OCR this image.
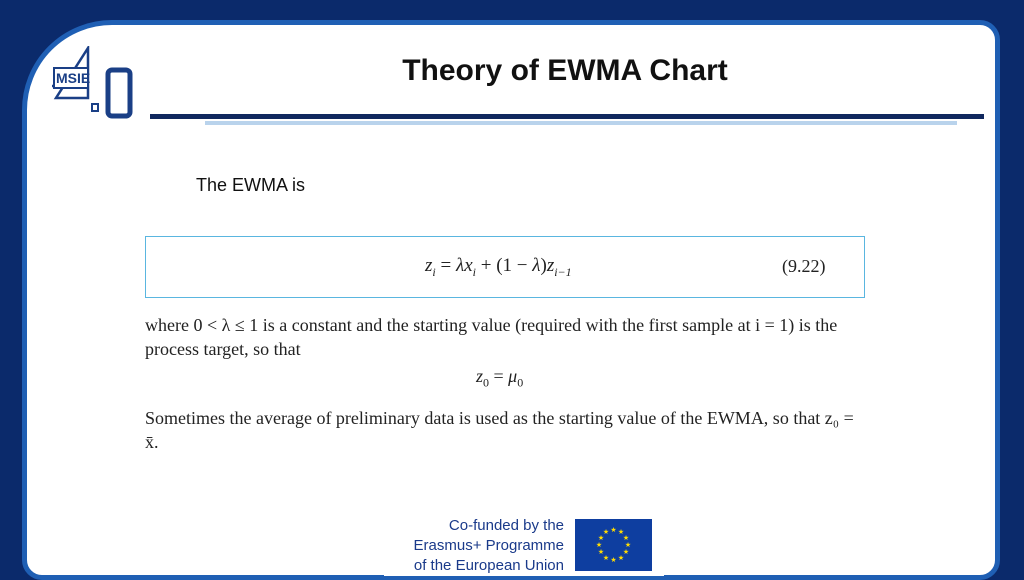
MSIE	Theory of EWMA Chart
The EWMA is
$z_i = \lambda x_i + (1 - \lambda)z_{i-1}$	(9.22)
where 0 < λ ≤ 1 is a constant and the starting value (required with the first sample at i = 1) is the process target, so that
$z_0 = \mu_0$
Sometimes the average of preliminary data is used as the starting value of the EWMA, so that z₀ = x̄.
Co-funded by the
Erasmus+ Programme
of the European Union
★ ★
★
★
★
★
★
★
★
★
★
★
